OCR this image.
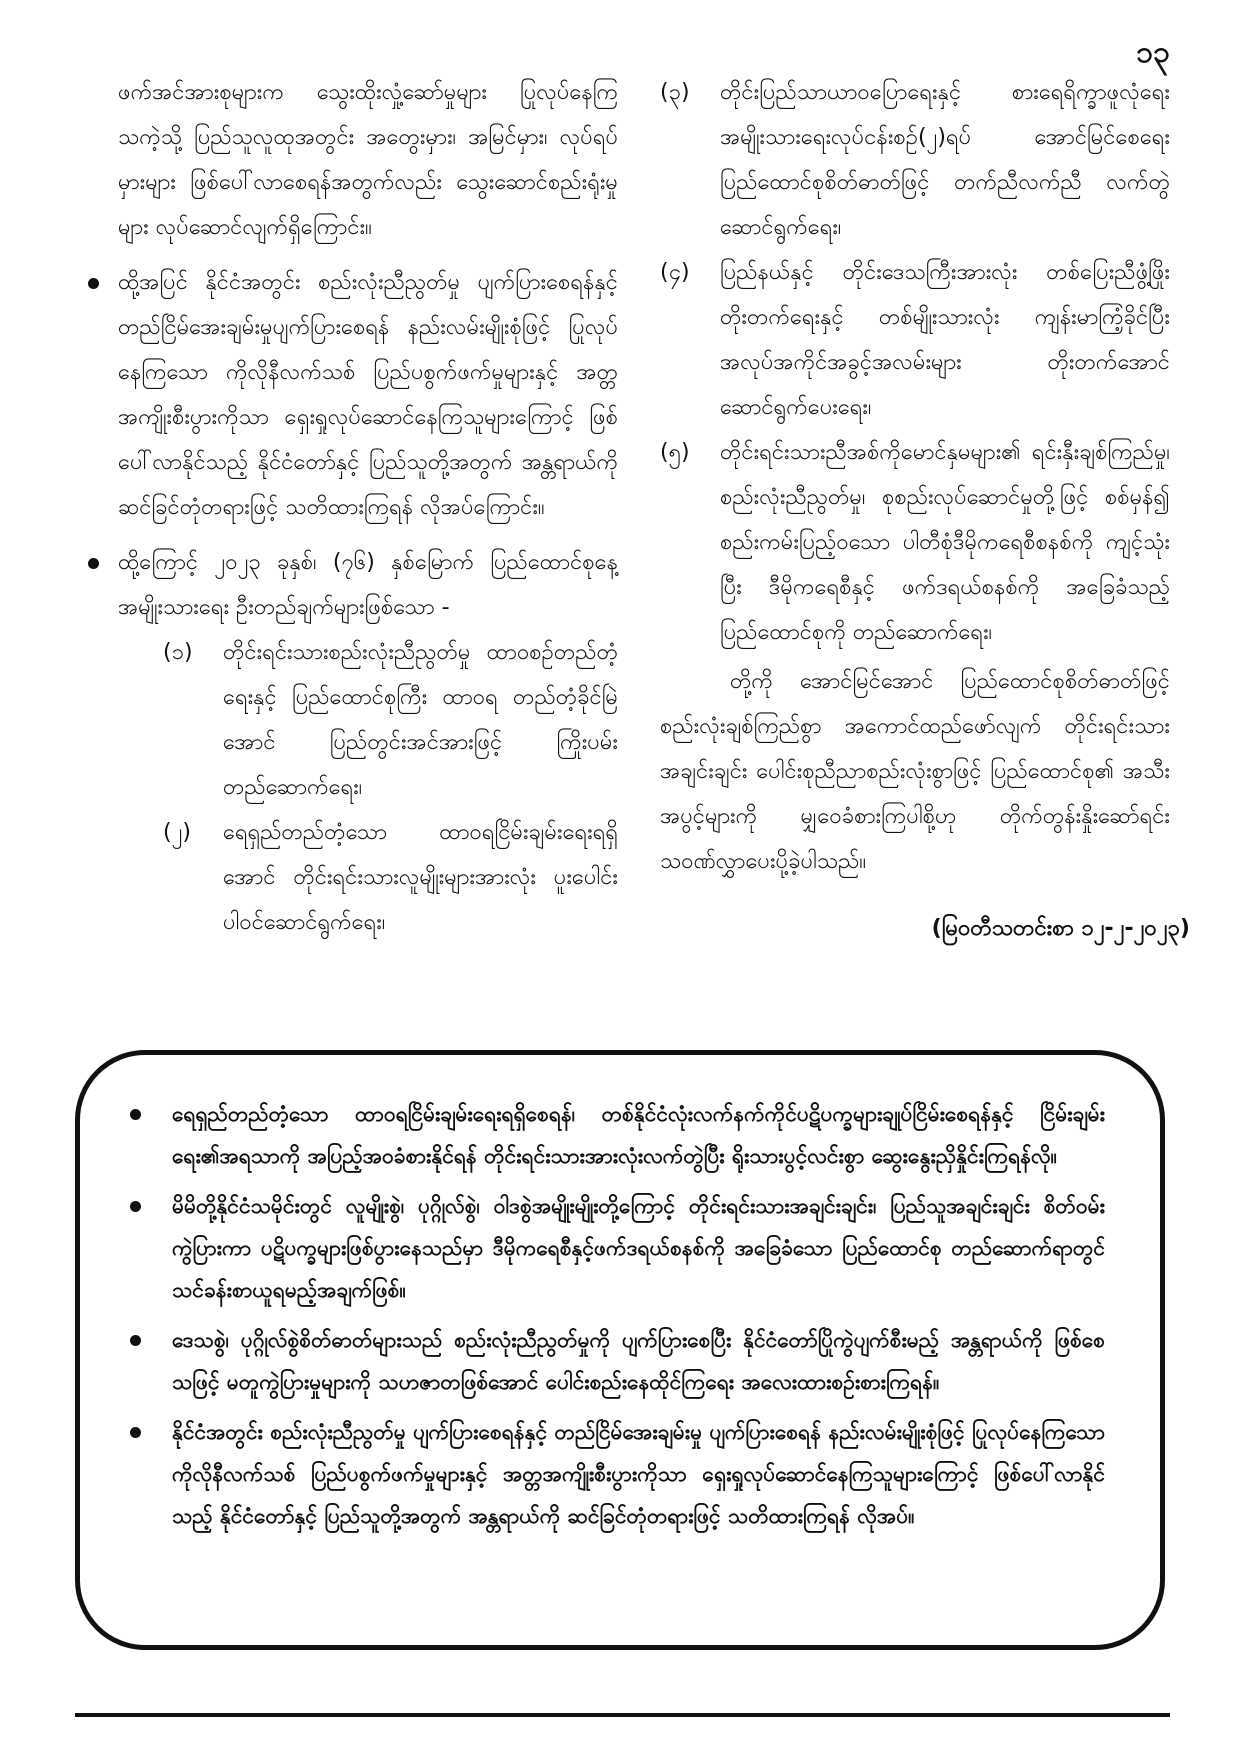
၁၃

ဖက်အင်အားစုများက သွေးထိုးလှုံ့ဆော်မှုများ ပြုလုပ်နေကြသကဲ့သို့ ပြည်သူလူထုအတွင်း အတွေးမှား၊ အမြင်မှား၊ လုပ်ရပ်မှားများ ဖြစ်ပေါ်လာစေရန်အတွက်လည်း သွေးဆောင်စည်းရုံးမှုများ လုပ်ဆောင်လျက်ရှိကြောင်း။

ထို့အပြင် နိုင်ငံအတွင်း စည်းလုံးညီညွတ်မှု ပျက်ပြားစေရန်နှင့် တည်ငြိမ်အေးချမ်းမှုပျက်ပြားစေရန် နည်းလမ်းမျိုးစုံဖြင့် ပြုလုပ်နေကြသော ကိုလိုနီလက်သစ် ပြည်ပစွက်ဖက်မှုများနှင့် အတ္တအကျိုးစီးပွားကိုသာ ရှေးရှုလုပ်ဆောင်နေကြသူများကြောင့် ဖြစ်ပေါ်လာနိုင်သည့် နိုင်ငံတော်နှင့် ပြည်သူတို့အတွက် အန္တရာယ်ကို ဆင်ခြင်တုံတရားဖြင့် သတိထားကြရန် လိုအပ်ကြောင်း။

ထို့ကြောင့် ၂၀၂၃ ခုနှစ်၊ (၇၆) နှစ်မြောက် ပြည်ထောင်စုနေ့ အမျိုးသားရေး ဦးတည်ချက်များဖြစ်သော -

(၁) တိုင်းရင်းသားစည်းလုံးညီညွတ်မှု ထာဝစဉ်တည်တံ့ရေးနှင့် ပြည်ထောင်စုကြီး ထာဝရ တည်တံ့ခိုင်မြဲအောင် ပြည်တွင်းအင်အားဖြင့် ကြိုးပမ်းတည်ဆောက်ရေး၊
(၂) ရေရှည်တည်တံ့သော ထာဝရငြိမ်းချမ်းရေးရရှိအောင် တိုင်းရင်းသားလူမျိုးများအားလုံး ပူးပေါင်းပါဝင်ဆောင်ရွက်ရေး၊
(၃) တိုင်းပြည်သာယာဝပြောရေးနှင့် စားရေရိက္ခာဖူလုံရေး အမျိုးသားရေးလုပ်ငန်းစဉ်(၂)ရပ် အောင်မြင်စေရေး ပြည်ထောင်စုစိတ်ဓာတ်ဖြင့် တက်ညီလက်ညီ လက်တွဲဆောင်ရွက်ရေး၊
(၄) ပြည်နယ်နှင့် တိုင်းဒေသကြီးအားလုံး တစ်ပြေးညီဖွံ့ဖြိုးတိုးတက်ရေးနှင့် တစ်မျိုးသားလုံး ကျန်းမာကြံ့ခိုင်ပြီး အလုပ်အကိုင်အခွင့်အလမ်းများ တိုးတက်အောင်ဆောင်ရွက်ပေးရေး၊
(၅) တိုင်းရင်းသားညီအစ်ကိုမောင်နှမများ၏ ရင်းနှီးချစ်ကြည်မှု၊ စည်းလုံးညီညွတ်မှု၊ စုစည်းလုပ်ဆောင်မှုတို့ဖြင့် စစ်မှန်၍ စည်းကမ်းပြည့်ဝသော ပါတီစုံဒီမိုကရေစီစနစ်ကို ကျင့်သုံးပြီး ဒီမိုကရေစီနှင့် ဖက်ဒရယ်စနစ်ကို အခြေခံသည့် ပြည်ထောင်စုကို တည်ဆောက်ရေး၊

တို့ကို အောင်မြင်အောင် ပြည်ထောင်စုစိတ်ဓာတ်ဖြင့် စည်းလုံးချစ်ကြည်စွာ အကောင်ထည်ဖော်လျက် တိုင်းရင်းသားအချင်းချင်း ပေါင်းစုညီညာစည်းလုံးစွာဖြင့် ပြည်ထောင်စု၏ အသီးအပွင့်များကို မျှဝေခံစားကြပါစို့ဟု တိုက်တွန်းနှိုးဆော်ရင်း သဝဏ်လွှာပေးပို့ခဲ့ပါသည်။

(မြဝတီသတင်းစာ ၁၂-၂-၂၀၂၃)

ရေရှည်တည်တံ့သော ထာဝရငြိမ်းချမ်းရေးရရှိစေရန်၊ တစ်နိုင်ငံလုံးလက်နက်ကိုင်ပဋိပက္ခများချုပ်ငြိမ်းစေရန်နှင့် ငြိမ်းချမ်းရေး၏အရသာကို အပြည့်အဝခံစားနိုင်ရန် တိုင်းရင်းသားအားလုံးလက်တွဲပြီး ရိုးသားပွင့်လင်းစွာ ဆွေးနွေးညှိနှိုင်းကြရန်လို။

မိမိတို့နိုင်ငံသမိုင်းတွင် လူမျိုးစွဲ၊ ပုဂ္ဂိုလ်စွဲ၊ ဝါဒစွဲအမျိုးမျိုးတို့ကြောင့် တိုင်းရင်းသားအချင်းချင်း၊ ပြည်သူအချင်းချင်း စိတ်ဝမ်းကွဲပြားကာ ပဋိပက္ခများဖြစ်ပွားနေသည်မှာ ဒီမိုကရေစီနှင့်ဖက်ဒရယ်စနစ်ကို အခြေခံသော ပြည်ထောင်စု တည်ဆောက်ရာတွင် သင်ခန်းစာယူရမည့်အချက်ဖြစ်။

ဒေသစွဲ၊ ပုဂ္ဂိုလ်စွဲစိတ်ဓာတ်များသည် စည်းလုံးညီညွတ်မှုကို ပျက်ပြားစေပြီး နိုင်ငံတော်ပြိုကွဲပျက်စီးမည့် အန္တရာယ်ကို ဖြစ်စေသဖြင့် မတူကွဲပြားမှုများကို သဟဇာတဖြစ်အောင် ပေါင်းစည်းနေထိုင်ကြရေး အလေးထားစဉ်းစားကြရန်။

နိုင်ငံအတွင်း စည်းလုံးညီညွတ်မှု ပျက်ပြားစေရန်နှင့် တည်ငြိမ်အေးချမ်းမှု ပျက်ပြားစေရန် နည်းလမ်းမျိုးစုံဖြင့် ပြုလုပ်နေကြသော ကိုလိုနီလက်သစ် ပြည်ပစွက်ဖက်မှုများနှင့် အတ္တအကျိုးစီးပွားကိုသာ ရှေးရှုလုပ်ဆောင်နေကြသူများကြောင့် ဖြစ်ပေါ်လာနိုင်သည့် နိုင်ငံတော်နှင့် ပြည်သူတို့အတွက် အန္တရာယ်ကို ဆင်ခြင်တုံတရားဖြင့် သတိထားကြရန် လိုအပ်။
